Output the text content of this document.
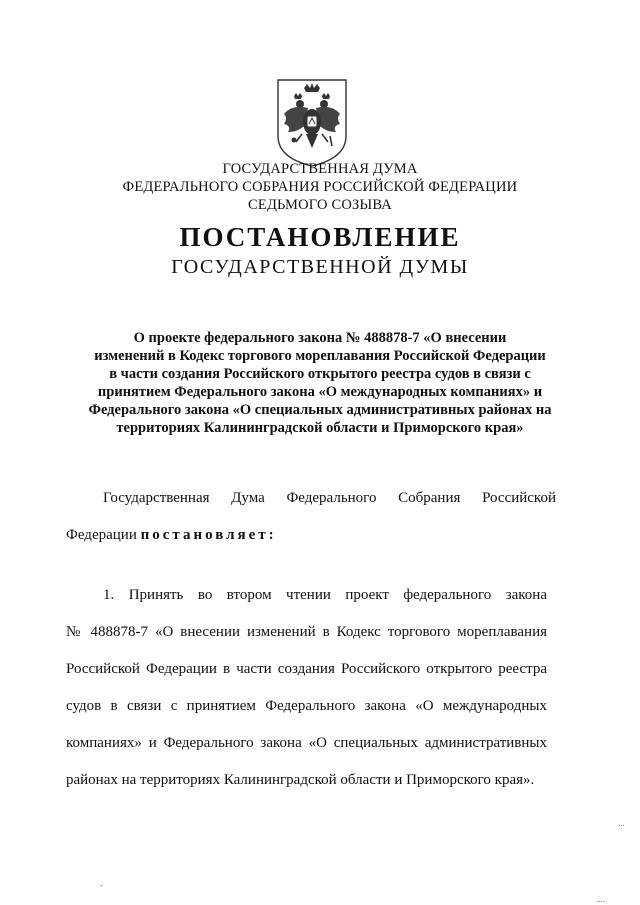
ГОСУДАРСТВЕННАЯ ДУМА
ФЕДЕРАЛЬНОГО СОБРАНИЯ РОССИЙСКОЙ ФЕДЕРАЦИИ
СЕДЬМОГО СОЗЫВА
ПОСТАНОВЛЕНИЕ
ГОСУДАРСТВЕННОЙ ДУМЫ
О проекте федерального закона № 488878-7 «О внесении
изменений в Кодекс торгового мореплавания Российской Федерации
в части создания Российского открытого реестра судов в связи с
принятием Федерального закона «О международных компаниях» и
Федерального закона «О специальных административных районах на
территориях Калининградской области и Приморского края»
Государственная Дума Федерального Собрания Российской
Федерации постановляет:
1. Принять во втором чтении проект федерального закона
№ 488878-7 «О внесении изменений в Кодекс торгового мореплавания
Российской Федерации в части создания Российского открытого реестра
судов в связи с принятием Федерального закона «О международных
компаниях» и Федерального закона «О специальных административных
районах на территориях Калининградской области и Приморского края».
...
-
....
